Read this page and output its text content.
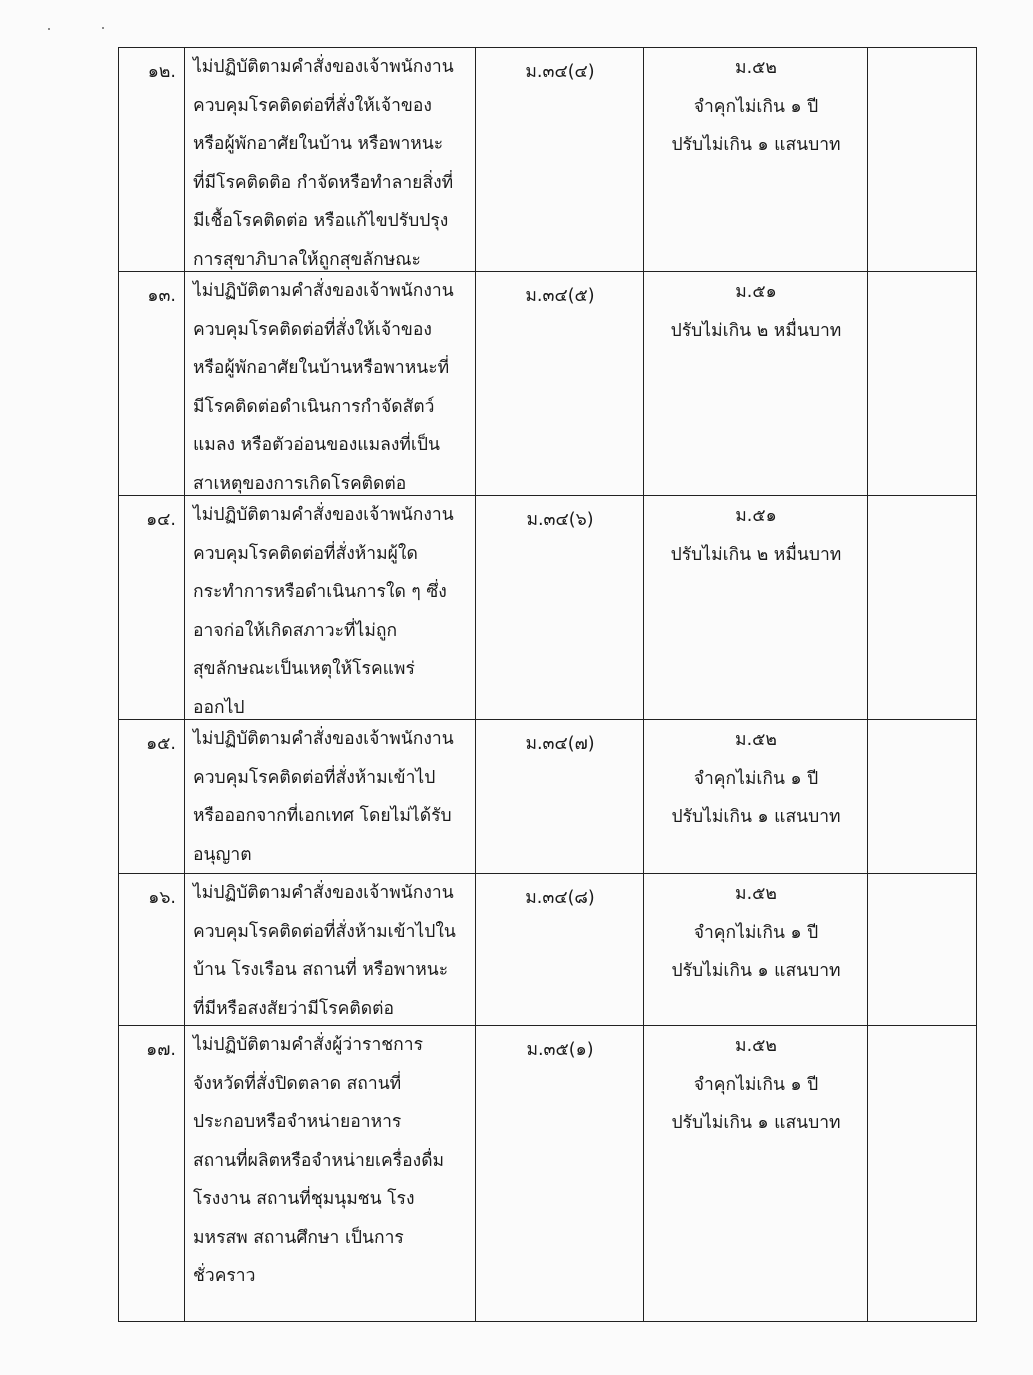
๑๒. ไม่ปฏิบัติตามคำสั่งของเจ้าพนักงาน
ควบคุมโรคติดต่อที่สั่งให้เจ้าของ
หรือผู้พักอาศัยในบ้าน หรือพาหนะ
ที่มีโรคติดติอ กำจัดหรือทำลายสิ่งที่
มีเชื้อโรคติดต่อ หรือแก้ไขปรับปรุง
การสุขาภิบาลให้ถูกสุขลักษณะ
ม.๓๔(๔)	ม.๕๒
จำคุกไม่เกิน ๑ ปี
ปรับไม่เกิน ๑ แสนบาท
๑๓. ไม่ปฏิบัติตามคำสั่งของเจ้าพนักงาน
ควบคุมโรคติดต่อที่สั่งให้เจ้าของ
หรือผู้พักอาศัยในบ้านหรือพาหนะที่
มีโรคติดต่อดำเนินการกำจัดสัตว์
แมลง หรือตัวอ่อนของแมลงที่เป็น
สาเหตุของการเกิดโรคติดต่อ
ม.๓๔(๕)	ม.๕๑
ปรับไม่เกิน ๒ หมื่นบาท
๑๔. ไม่ปฏิบัติตามคำสั่งของเจ้าพนักงาน
ควบคุมโรคติดต่อที่สั่งห้ามผู้ใด
กระทำการหรือดำเนินการใด ๆ ซึ่ง
อาจก่อให้เกิดสภาวะที่ไม่ถูก
สุขลักษณะเป็นเหตุให้โรคแพร่
ออกไป
ม.๓๔(๖)	ม.๕๑
ปรับไม่เกิน ๒ หมื่นบาท
๑๕. ไม่ปฏิบัติตามคำสั่งของเจ้าพนักงาน
ควบคุมโรคติดต่อที่สั่งห้ามเข้าไป
หรือออกจากที่เอกเทศ โดยไม่ได้รับ
อนุญาต
ม.๓๔(๗)	ม.๕๒
จำคุกไม่เกิน ๑ ปี
ปรับไม่เกิน ๑ แสนบาท
๑๖. ไม่ปฏิบัติตามคำสั่งของเจ้าพนักงาน
ควบคุมโรคติดต่อที่สั่งห้ามเข้าไปใน
บ้าน โรงเรือน สถานที่ หรือพาหนะ
ที่มีหรือสงสัยว่ามีโรคติดต่อ
ม.๓๔(๘)	ม.๕๒
จำคุกไม่เกิน ๑ ปี
ปรับไม่เกิน ๑ แสนบาท
๑๗. ไม่ปฏิบัติตามคำสั่งผู้ว่าราชการ
จังหวัดที่สั่งปิดตลาด สถานที่
ประกอบหรือจำหน่ายอาหาร
สถานที่ผลิตหรือจำหน่ายเครื่องดื่ม
โรงงาน สถานที่ชุมนุมชน โรง
มหรสพ สถานศึกษา เป็นการ
ชั่วคราว
ม.๓๕(๑)	ม.๕๒
จำคุกไม่เกิน ๑ ปี
ปรับไม่เกิน ๑ แสนบาท
